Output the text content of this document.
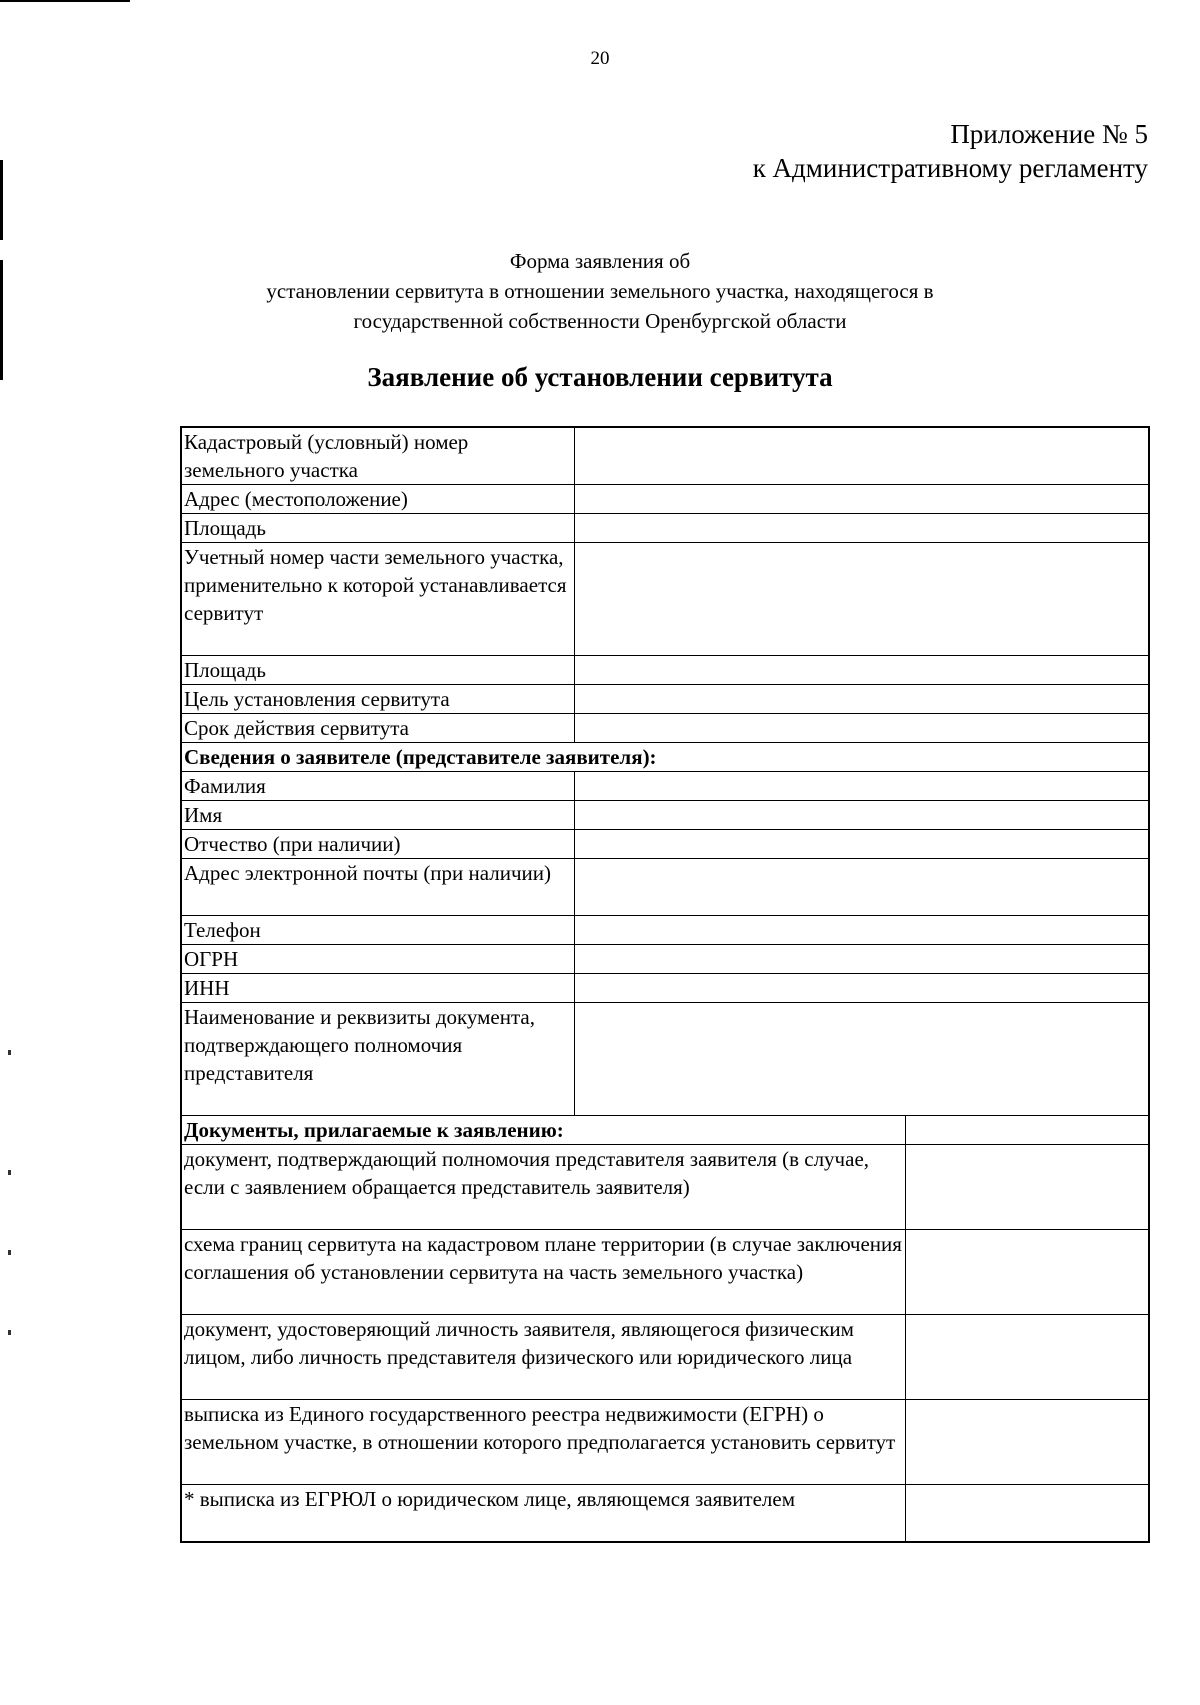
20
Приложение № 5
к Административному регламенту
Форма заявления об
установлении сервитута в отношении земельного участка, находящегося в
государственной собственности Оренбургской области
Заявление об установлении сервитута
Кадастровый (условный) номер земельного участка		
Адрес (местоположение)		
Площадь		
Учетный номер части земельного участка, применительно к которой устанавливается сервитут		
Площадь		
Цель установления сервитута		
Срок действия сервитута		
Сведения о заявителе (представителе заявителя):		
Фамилия		
Имя		
Отчество (при наличии)		
Адрес электронной почты (при наличии)		
Телефон		
ОГРН		
ИНН		
Наименование и реквизиты документа, подтверждающего полномочия представителя		
Документы, прилагаемые к заявлению:		
документ, подтверждающий полномочия представителя заявителя (в случае, если с заявлением обращается представитель заявителя)		
схема границ сервитута на кадастровом плане территории (в случае заключения соглашения об установлении сервитута на часть земельного участка)		
документ, удостоверяющий личность заявителя, являющегося физическим лицом, либо личность представителя физического или юридического лица		
выписка из Единого государственного реестра недвижимости (ЕГРН) о земельном участке, в отношении которого предполагается установить сервитут		
* выписка из ЕГРЮЛ о юридическом лице, являющемся заявителем		
